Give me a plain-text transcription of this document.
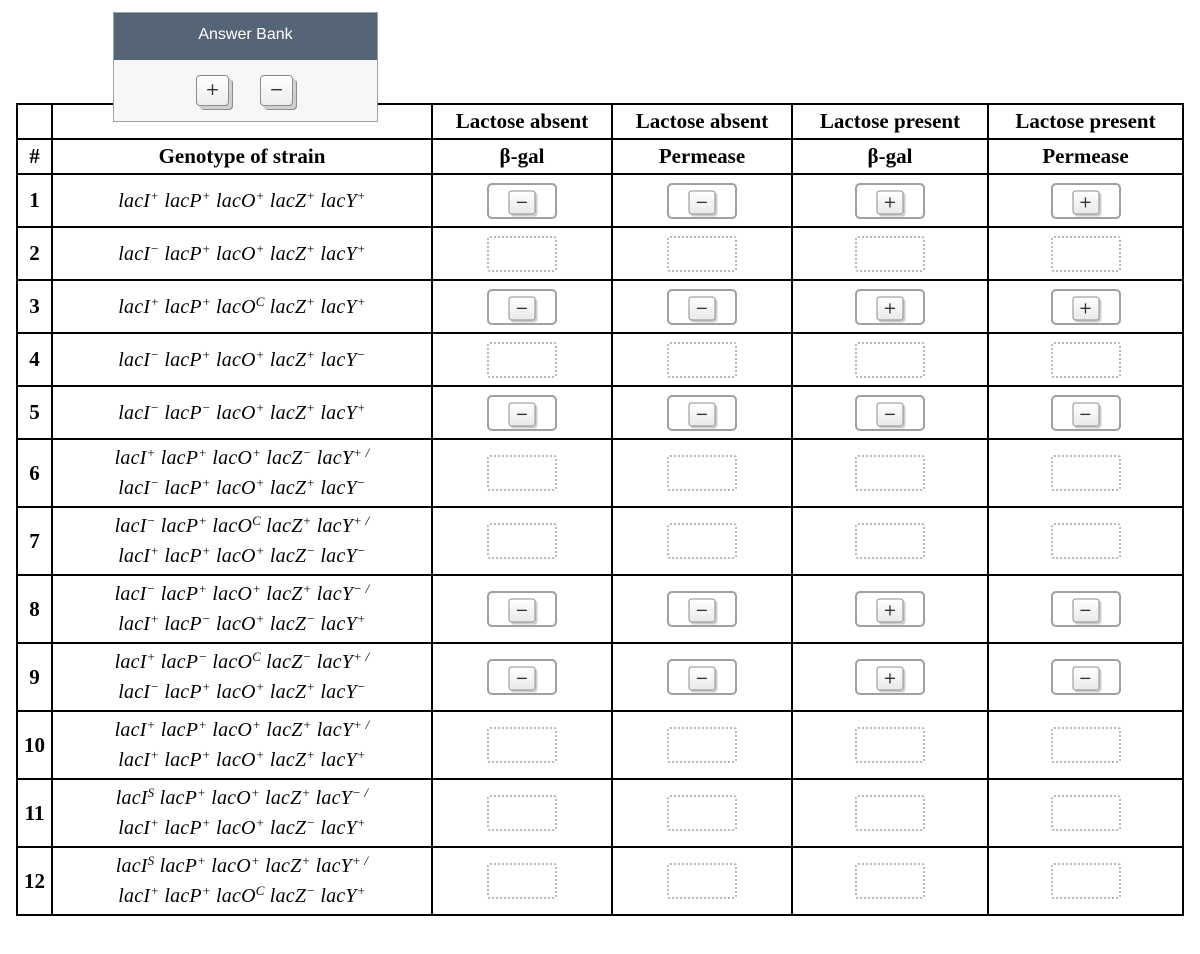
Answer Bank
+	−
		Lactose absent	Lactose absent	Lactose present	Lactose present
#	Genotype of strain	β-gal	Permease	β-gal	Permease
1	lacI+ lacP+ lacO+ lacZ+ lacY+	−	−	+	+

2	lacI− lacP+ lacO+ lacZ+ lacY+

3	lacI+ lacP+ lacO$^C$ lacZ+ lacY+	−	−	+	+

4	lacI− lacP+ lacO+ lacZ+ lacY−

5	lacI− lacP− lacO+ lacZ+ lacY+	−	−	−	−

6	lacI+ lacP+ lacO+ lacZ− lacY+ /
lacI− lacP+ lacO+ lacZ+ lacY−

7	lacI− lacP+ lacO$^C$ lacZ+ lacY+ /
lacI+ lacP+ lacO+ lacZ− lacY−

8	lacI− lacP+ lacO+ lacZ+ lacY− /
lacI+ lacP− lacO+ lacZ− lacY+	−	−	+	−

9	lacI+ lacP− lacO$^C$ lacZ− lacY+ /
lacI− lacP+ lacO+ lacZ+ lacY−	−	−	+	−

10	lacI+ lacP+ lacO+ lacZ+ lacY+ /
lacI+ lacP+ lacO+ lacZ+ lacY+

11	lacI$^S$ lacP+ lacO+ lacZ+ lacY− /
lacI+ lacP+ lacO+ lacZ− lacY+

12	lacI$^S$ lacP+ lacO+ lacZ+ lacY+ /
lacI+ lacP+ lacO$^C$ lacZ− lacY+
